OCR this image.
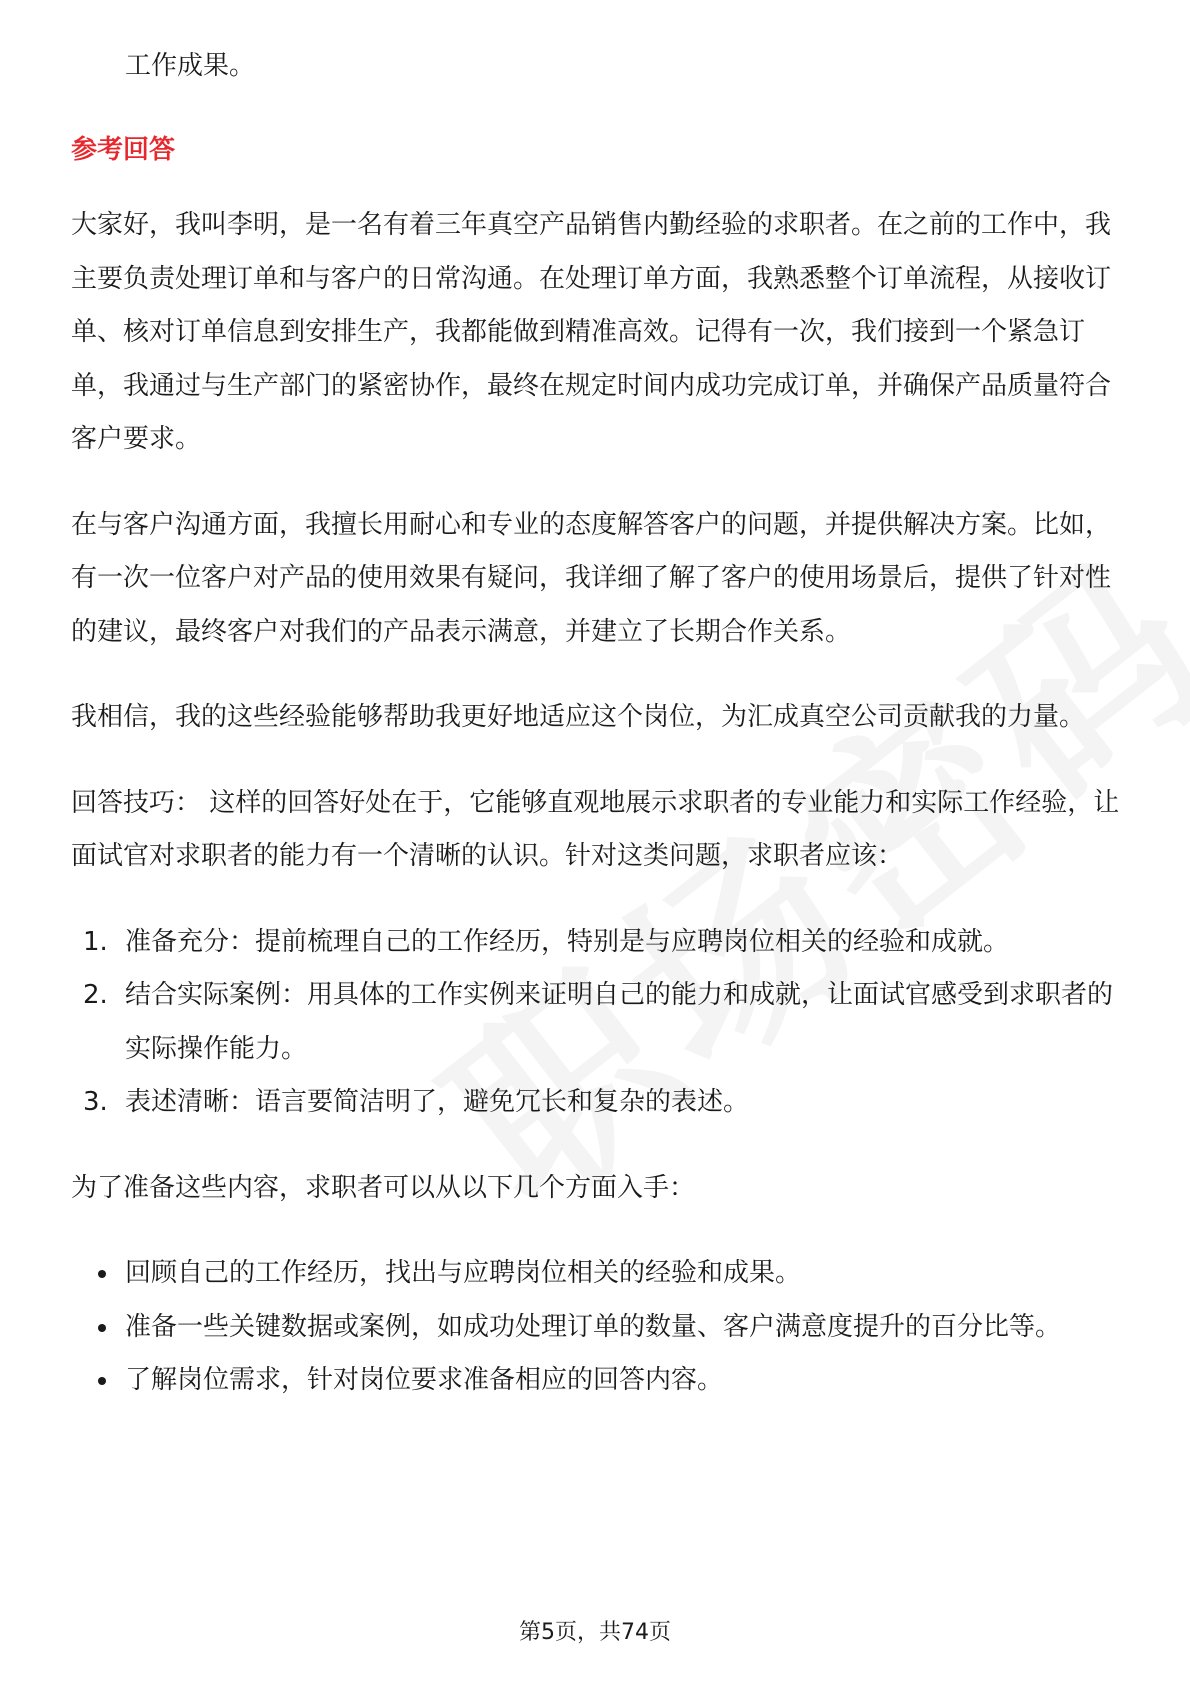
工作成果。

参考回答

大家好，我叫李明，是一名有着三年真空产品销售内勤经验的求职者。在之前的工作中，我主要负责处理订单和与客户的日常沟通。在处理订单方面，我熟悉整个订单流程，从接收订单、核对订单信息到安排生产，我都能做到精准高效。记得有一次，我们接到一个紧急订单，我通过与生产部门的紧密协作，最终在规定时间内成功完成订单，并确保产品质量符合客户要求。

在与客户沟通方面，我擅长用耐心和专业的态度解答客户的问题，并提供解决方案。比如，有一次一位客户对产品的使用效果有疑问，我详细了解了客户的使用场景后，提供了针对性的建议，最终客户对我们的产品表示满意，并建立了长期合作关系。

我相信，我的这些经验能够帮助我更好地适应这个岗位，为汇成真空公司贡献我的力量。

回答技巧： 这样的回答好处在于，它能够直观地展示求职者的专业能力和实际工作经验，让面试官对求职者的能力有一个清晰的认识。针对这类问题，求职者应该：

1. 准备充分：提前梳理自己的工作经历，特别是与应聘岗位相关的经验和成就。
2. 结合实际案例：用具体的工作实例来证明自己的能力和成就，让面试官感受到求职者的实际操作能力。
3. 表述清晰：语言要简洁明了，避免冗长和复杂的表述。

为了准备这些内容，求职者可以从以下几个方面入手：

回顾自己的工作经历，找出与应聘岗位相关的经验和成果。
准备一些关键数据或案例，如成功处理订单的数量、客户满意度提升的百分比等。
了解岗位需求，针对岗位要求准备相应的回答内容。
第5页，共74页
